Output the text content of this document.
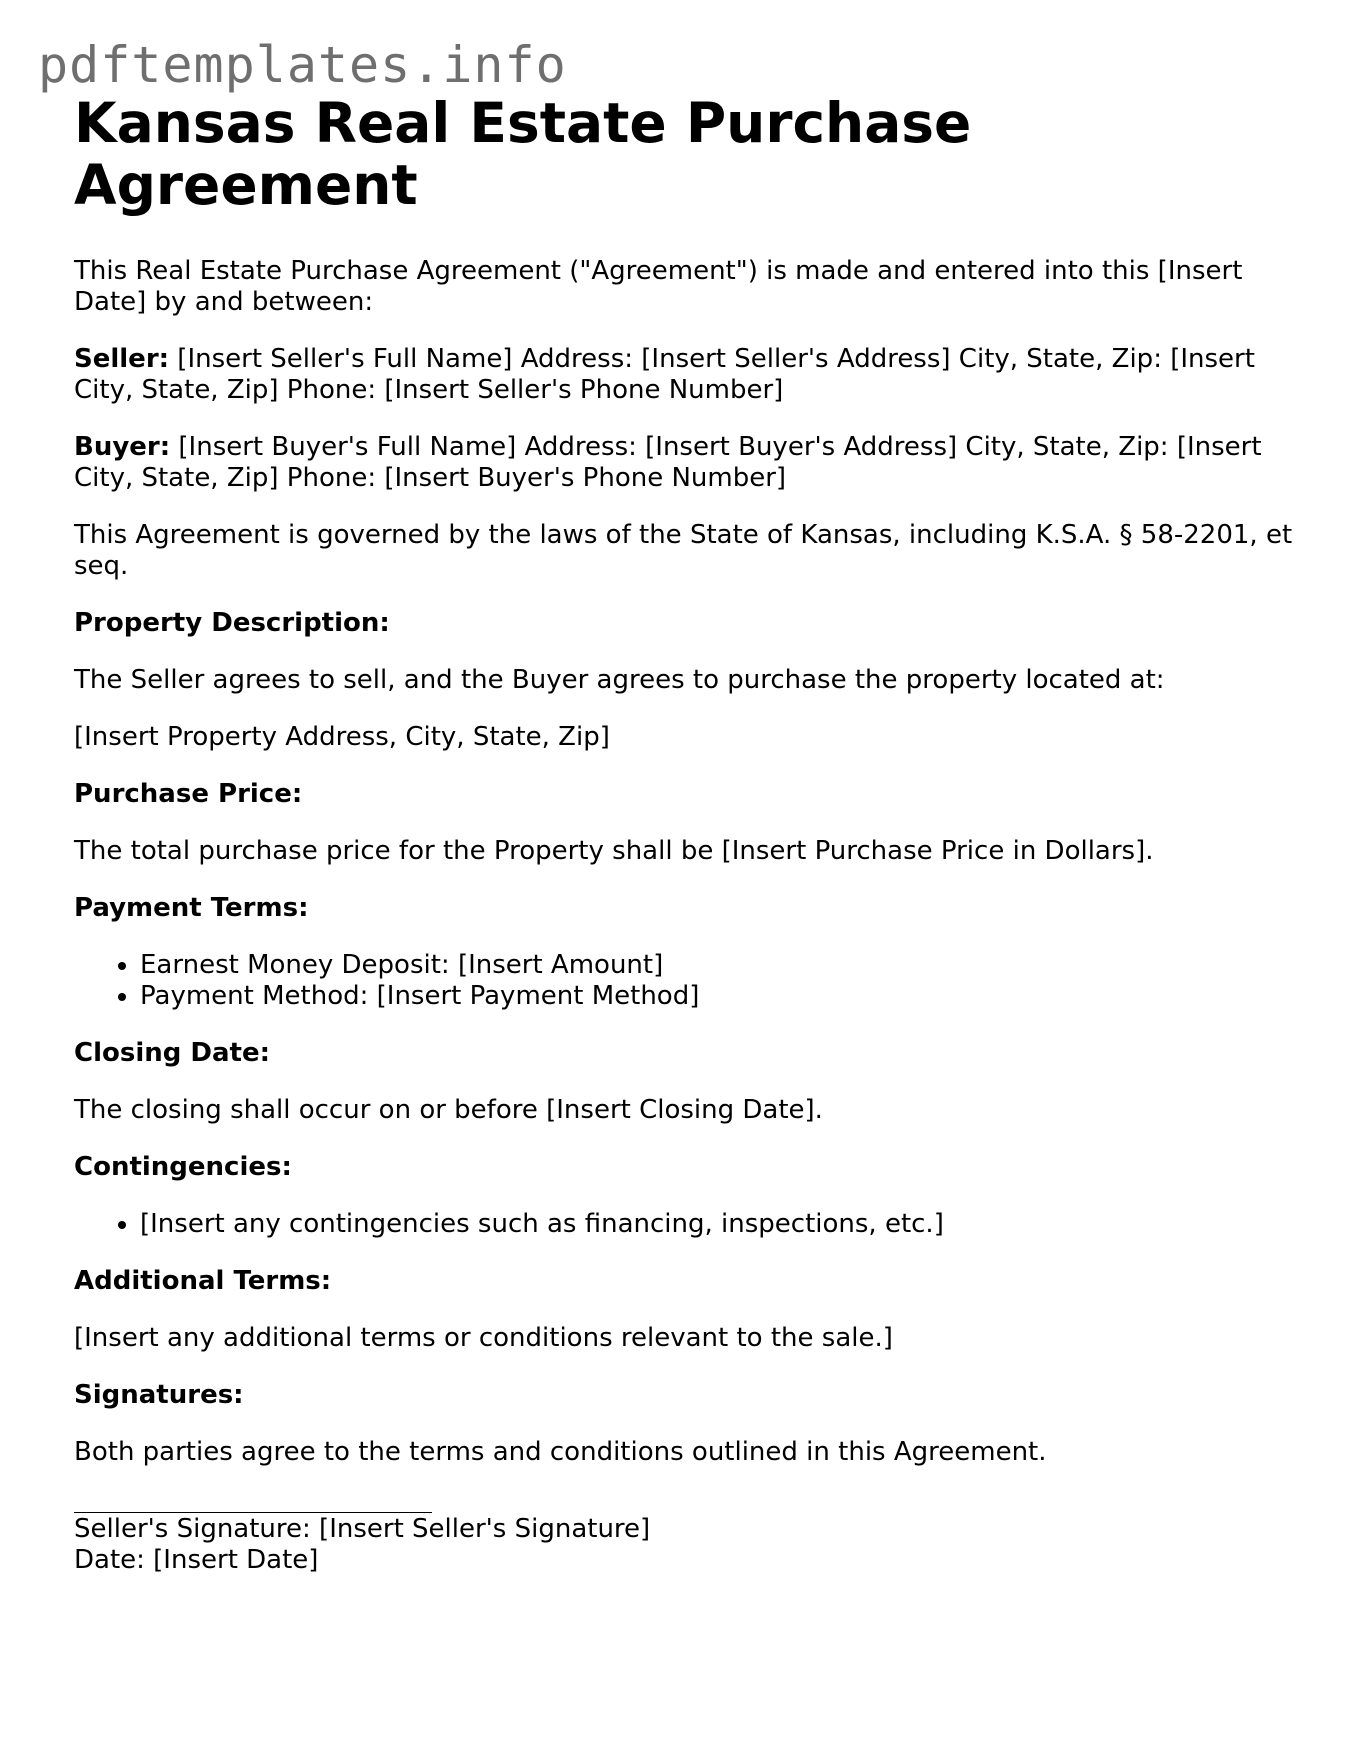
pdftemplates.info
Kansas Real Estate Purchase Agreement

This Real Estate Purchase Agreement ("Agreement") is made and entered into this [Insert Date] by and between:

Seller: [Insert Seller's Full Name] Address: [Insert Seller's Address] City, State, Zip: [Insert City, State, Zip] Phone: [Insert Seller's Phone Number]

Buyer: [Insert Buyer's Full Name] Address: [Insert Buyer's Address] City, State, Zip: [Insert City, State, Zip] Phone: [Insert Buyer's Phone Number]

This Agreement is governed by the laws of the State of Kansas, including K.S.A. § 58-2201, et seq.

Property Description:

The Seller agrees to sell, and the Buyer agrees to purchase the property located at:

[Insert Property Address, City, State, Zip]

Purchase Price:

The total purchase price for the Property shall be [Insert Purchase Price in Dollars].

Payment Terms:

• Earnest Money Deposit: [Insert Amount]
• Payment Method: [Insert Payment Method]

Closing Date:

The closing shall occur on or before [Insert Closing Date].

Contingencies:

• [Insert any contingencies such as financing, inspections, etc.]

Additional Terms:

[Insert any additional terms or conditions relevant to the sale.]

Signatures:

Both parties agree to the terms and conditions outlined in this Agreement.

Seller's Signature: [Insert Seller's Signature]
Date: [Insert Date]
